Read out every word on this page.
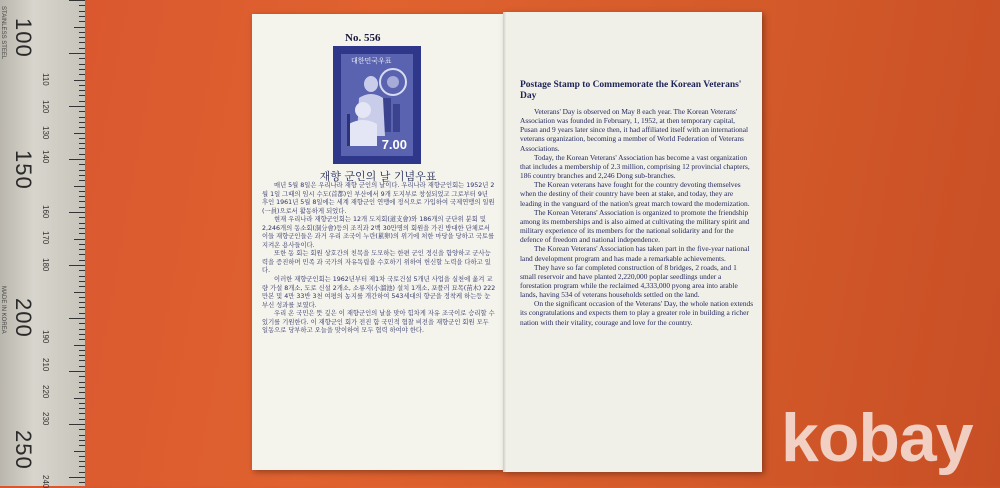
STAINLESS STEEL
MADE IN KOREA
100
150
200
250
110
120
130
140
160
170
180
190
210
220
230
240
No. 556
대한민국우표
7.00
재향 군인의 날 기념우표

매년 5월 8일은 우리나라 재향 군인의 날이다. 우리나라 재향군인회는 1952년 2월 1일 그때의 임시 수도(首都)인 부산에서 9개 도지부로 창설되었고 그로부터 9년 후인 1961년 5월 8일에는 세계 재향군인 연맹에 정식으로 가입하여 국제연맹의 일원(一員)으로서 활동하게 되었다.

현재 우리나라 재향군인회는 12개 도지회(道支會)와 186개의 군단위 분회 및 2,246개의 동소회(洞分會)등의 조직과 2백 30만명의 회원을 가진 방대한 단체로서 이들 재향군인들은 과거 우리 조국이 누란(累卵)의 위기에 처한 마당을 당하고 국토를 지켜온 용사들이다.

또한 동 회는 회원 상호간의 친목을 도모하는 한편 군인 정신을 함양하고 군사능력을 증진하며 민족 과 국가의 자유독립을 수호하기 위하여 헌신할 노력을 다하고 있다.

이러한 재향군인회는 1962년부터 제1차 국토건설 5개년 사업을 실천에 옮겨 교량 가설 8개소, 도로 신설 2개소, 소류지(小溜池) 설치 1개소, 포플러 묘목(苗木) 222만본 및 4만 33반 3천 여평의 농지를 개간하여 543세대의 향군을 정착케 하는등 눈부신 성과를 보였다.

우리 온 국민은 뜻 깊은 이 재향군인의 날을 맞아 힘차게 자유 조국이로 승리할 수 있기를 기원한다. 이 재향군인 회가 전진 함 국민적 협찰 비전을 재향군인 회원 모두 일동으로 당부하고 오늘을 맞이하여 모두 협력 하여야 한다.

Postage Stamp to Commemorate the Korean Veterans' Day

Veterans' Day is observed on May 8 each year. The Korean Veterans' Association was founded in February, 1, 1952, at then temporary capital, Pusan and 9 years later since then, it had affiliated itself with an international veterans organization, becoming a member of World Federation of Veterans Associations.

Today, the Korean Veterans' Association has become a vast organization that includes a membership of 2.3 million, comprising 12 provincial chapters, 186 country branches and 2,246 Dong sub-branches.

The Korean veterans have fought for the country devoting themselves when the destiny of their country have been at stake, and today, they are leading in the vanguard of the nation's great march toward the modernization.

The Korean Veterans' Association is organized to promote the friendship among its memberships and is also aimed at cultivating the military spirit and military experience of its members for the national solidarity and for the defence of freedom and national independence.

The Korean Veterans' Association has taken part in the five-year national land development program and has made a remarkable achievements.

They have so far completed construction of 8 bridges, 2 roads, and 1 small reservoir and have planted 2,220,000 poplar seedlings under a forestation program while the reclaimed 4,333,000 pyong area into arable lands, having 534 of veterans households settled on the land.

On the significant occasion of the Veterans' Day, the whole nation extends its congratulations and expects them to play a greater role in building a richer nation with their vitality, courage and love for the country.

kobay
